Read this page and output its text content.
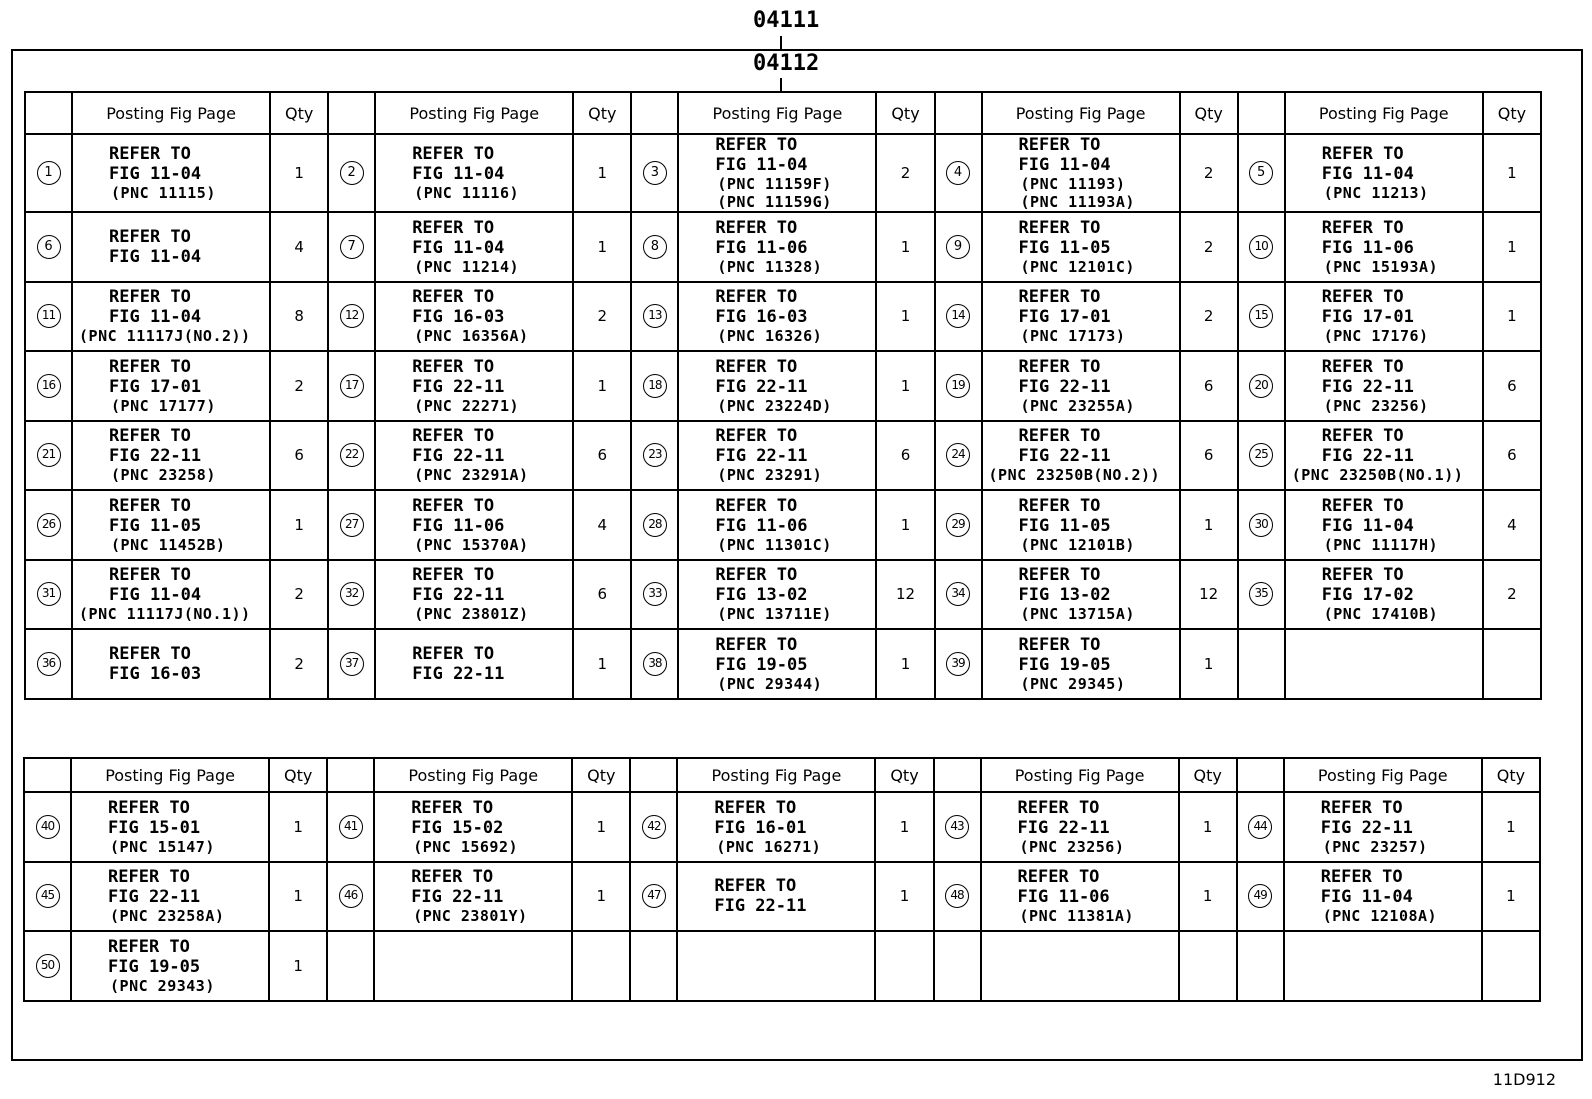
04111
04112
	Posting Fig Page	Qty		Posting Fig Page	Qty		Posting Fig Page	Qty		Posting Fig Page	Qty		Posting Fig Page	Qty
1	REFER TO
FIG 11-04
(PNC 11115)	1	2	REFER TO
FIG 11-04
(PNC 11116)	1	3	REFER TO
FIG 11-04
(PNC 11159F)
(PNC 11159G)	2	4	REFER TO
FIG 11-04
(PNC 11193)
(PNC 11193A)	2	5	REFER TO
FIG 11-04
(PNC 11213)	1
6	REFER TO
FIG 11-04	4	7	REFER TO
FIG 11-04
(PNC 11214)	1	8	REFER TO
FIG 11-06
(PNC 11328)	1	9	REFER TO
FIG 11-05
(PNC 12101C)	2	10	REFER TO
FIG 11-06
(PNC 15193A)	1
11	REFER TO
FIG 11-04
(PNC 11117J(NO.2))	8	12	REFER TO
FIG 16-03
(PNC 16356A)	2	13	REFER TO
FIG 16-03
(PNC 16326)	1	14	REFER TO
FIG 17-01
(PNC 17173)	2	15	REFER TO
FIG 17-01
(PNC 17176)	1
16	REFER TO
FIG 17-01
(PNC 17177)	2	17	REFER TO
FIG 22-11
(PNC 22271)	1	18	REFER TO
FIG 22-11
(PNC 23224D)	1	19	REFER TO
FIG 22-11
(PNC 23255A)	6	20	REFER TO
FIG 22-11
(PNC 23256)	6
21	REFER TO
FIG 22-11
(PNC 23258)	6	22	REFER TO
FIG 22-11
(PNC 23291A)	6	23	REFER TO
FIG 22-11
(PNC 23291)	6	24	REFER TO
FIG 22-11
(PNC 23250B(NO.2))	6	25	REFER TO
FIG 22-11
(PNC 23250B(NO.1))	6
26	REFER TO
FIG 11-05
(PNC 11452B)	1	27	REFER TO
FIG 11-06
(PNC 15370A)	4	28	REFER TO
FIG 11-06
(PNC 11301C)	1	29	REFER TO
FIG 11-05
(PNC 12101B)	1	30	REFER TO
FIG 11-04
(PNC 11117H)	4
31	REFER TO
FIG 11-04
(PNC 11117J(NO.1))	2	32	REFER TO
FIG 22-11
(PNC 23801Z)	6	33	REFER TO
FIG 13-02
(PNC 13711E)	12	34	REFER TO
FIG 13-02
(PNC 13715A)	12	35	REFER TO
FIG 17-02
(PNC 17410B)	2
36	REFER TO
FIG 16-03	2	37	REFER TO
FIG 22-11	1	38	REFER TO
FIG 19-05
(PNC 29344)	1	39	REFER TO
FIG 19-05
(PNC 29345)	1			
	Posting Fig Page	Qty		Posting Fig Page	Qty		Posting Fig Page	Qty		Posting Fig Page	Qty		Posting Fig Page	Qty
40	REFER TO
FIG 15-01
(PNC 15147)	1	41	REFER TO
FIG 15-02
(PNC 15692)	1	42	REFER TO
FIG 16-01
(PNC 16271)	1	43	REFER TO
FIG 22-11
(PNC 23256)	1	44	REFER TO
FIG 22-11
(PNC 23257)	1
45	REFER TO
FIG 22-11
(PNC 23258A)	1	46	REFER TO
FIG 22-11
(PNC 23801Y)	1	47	REFER TO
FIG 22-11	1	48	REFER TO
FIG 11-06
(PNC 11381A)	1	49	REFER TO
FIG 11-04
(PNC 12108A)	1
50	REFER TO
FIG 19-05
(PNC 29343)	1												
11D912
